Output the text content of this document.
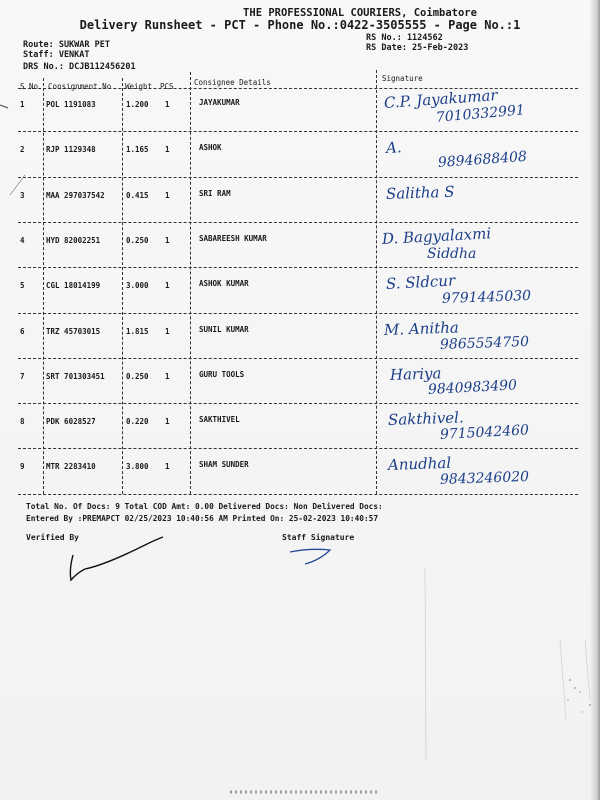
THE PROFESSIONAL COURIERS, Coimbatore
Delivery Runsheet - PCT - Phone No.:0422-3505555 - Page No.:1
Route: SUKWAR PET
Staff: VENKAT
DRS No.: DCJB112456201
RS No.: 1124562
RS Date: 25-Feb-2023
S No Consignment No Weight PCS	Consignee Details	Signature
1	POL 1191083	1.200 1	JAYAKUMAR	C.P. Jayakumar
7010332991
2	RJP 1129348	1.165 1	ASHOK	A.
9894688408
3	MAA 297037542	0.415 1	SRI RAM	Salitha S
4	HYD 82002251	0.250 1	SABAREESH KUMAR	D. Bagyalaxmi
Siddha
5	CGL 18014199	3.000 1	ASHOK KUMAR	S. Sldcur
9791445030
6	TRZ 45703015	1.815 1	SUNIL KUMAR	M. Anitha
9865554750
7	SRT 701303451	0.250 1	GURU TOOLS	Hariya
9840983490
8	PDK 6028527	0.220 1	SAKTHIVEL	Sakthivel.
9715042460
9	MTR 2283410	3.800 1	SHAM SUNDER	Anudhal
9843246020
Total No. Of Docs: 9 Total COD Amt: 0.00 Delivered Docs: Non Delivered Docs:
Entered By :PREMAPCT 02/25/2023 10:40:56 AM Printed On: 25-02-2023 10:40:57
Verified By	Staff Signature
